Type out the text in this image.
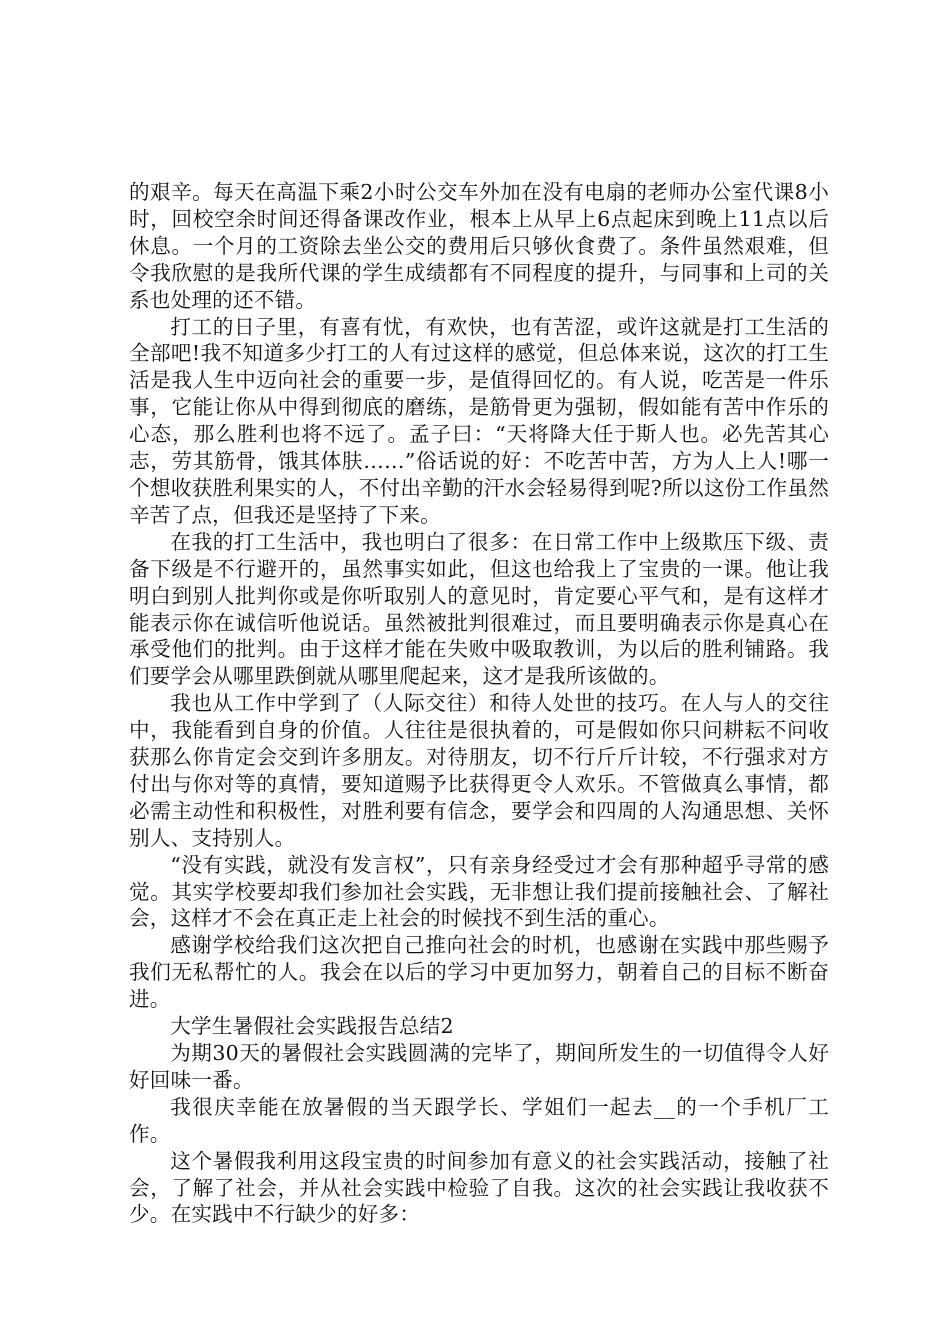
的艰辛。每天在高温下乘2小时公交车外加在没有电扇的老师办公室代课8小时，回校空余时间还得备课改作业，根本上从早上6点起床到晚上11点以后休息。一个月的工资除去坐公交的费用后只够伙食费了。条件虽然艰难，但令我欣慰的是我所代课的学生成绩都有不同程度的提升，与同事和上司的关系也处理的还不错。

打工的日子里，有喜有忧，有欢快，也有苦涩，或许这就是打工生活的全部吧!我不知道多少打工的人有过这样的感觉，但总体来说，这次的打工生活是我人生中迈向社会的重要一步，是值得回忆的。有人说，吃苦是一件乐事，它能让你从中得到彻底的磨练，是筋骨更为强韧，假如能有苦中作乐的心态，那么胜利也将不远了。孟子曰：“天将降大任于斯人也。必先苦其心志，劳其筋骨，饿其体肤……”俗话说的好：不吃苦中苦，方为人上人!哪一个想收获胜利果实的人，不付出辛勤的汗水会轻易得到呢?所以这份工作虽然辛苦了点，但我还是坚持了下来。

在我的打工生活中，我也明白了很多：在日常工作中上级欺压下级、责备下级是不行避开的，虽然事实如此，但这也给我上了宝贵的一课。他让我明白到别人批判你或是你听取别人的意见时，肯定要心平气和，是有这样才能表示你在诚信听他说话。虽然被批判很难过，而且要明确表示你是真心在承受他们的批判。由于这样才能在失败中吸取教训，为以后的胜利铺路。我们要学会从哪里跌倒就从哪里爬起来，这才是我所该做的。

我也从工作中学到了（人际交往）和待人处世的技巧。在人与人的交往中，我能看到自身的价值。人往往是很执着的，可是假如你只问耕耘不问收获那么你肯定会交到许多朋友。对待朋友，切不行斤斤计较，不行强求对方付出与你对等的真情，要知道赐予比获得更令人欢乐。不管做真么事情，都必需主动性和积极性，对胜利要有信念，要学会和四周的人沟通思想、关怀别人、支持别人。

“没有实践，就没有发言权”，只有亲身经受过才会有那种超乎寻常的感觉。其实学校要却我们参加社会实践，无非想让我们提前接触社会、了解社会，这样才不会在真正走上社会的时候找不到生活的重心。

感谢学校给我们这次把自己推向社会的时机，也感谢在实践中那些赐予我们无私帮忙的人。我会在以后的学习中更加努力，朝着自己的目标不断奋进。

大学生暑假社会实践报告总结2

为期30天的暑假社会实践圆满的完毕了，期间所发生的一切值得令人好好回味一番。

我很庆幸能在放暑假的当天跟学长、学姐们一起去__的一个手机厂工作。

这个暑假我利用这段宝贵的时间参加有意义的社会实践活动，接触了社会，了解了社会，并从社会实践中检验了自我。这次的社会实践让我收获不少。在实践中不行缺少的好多：
